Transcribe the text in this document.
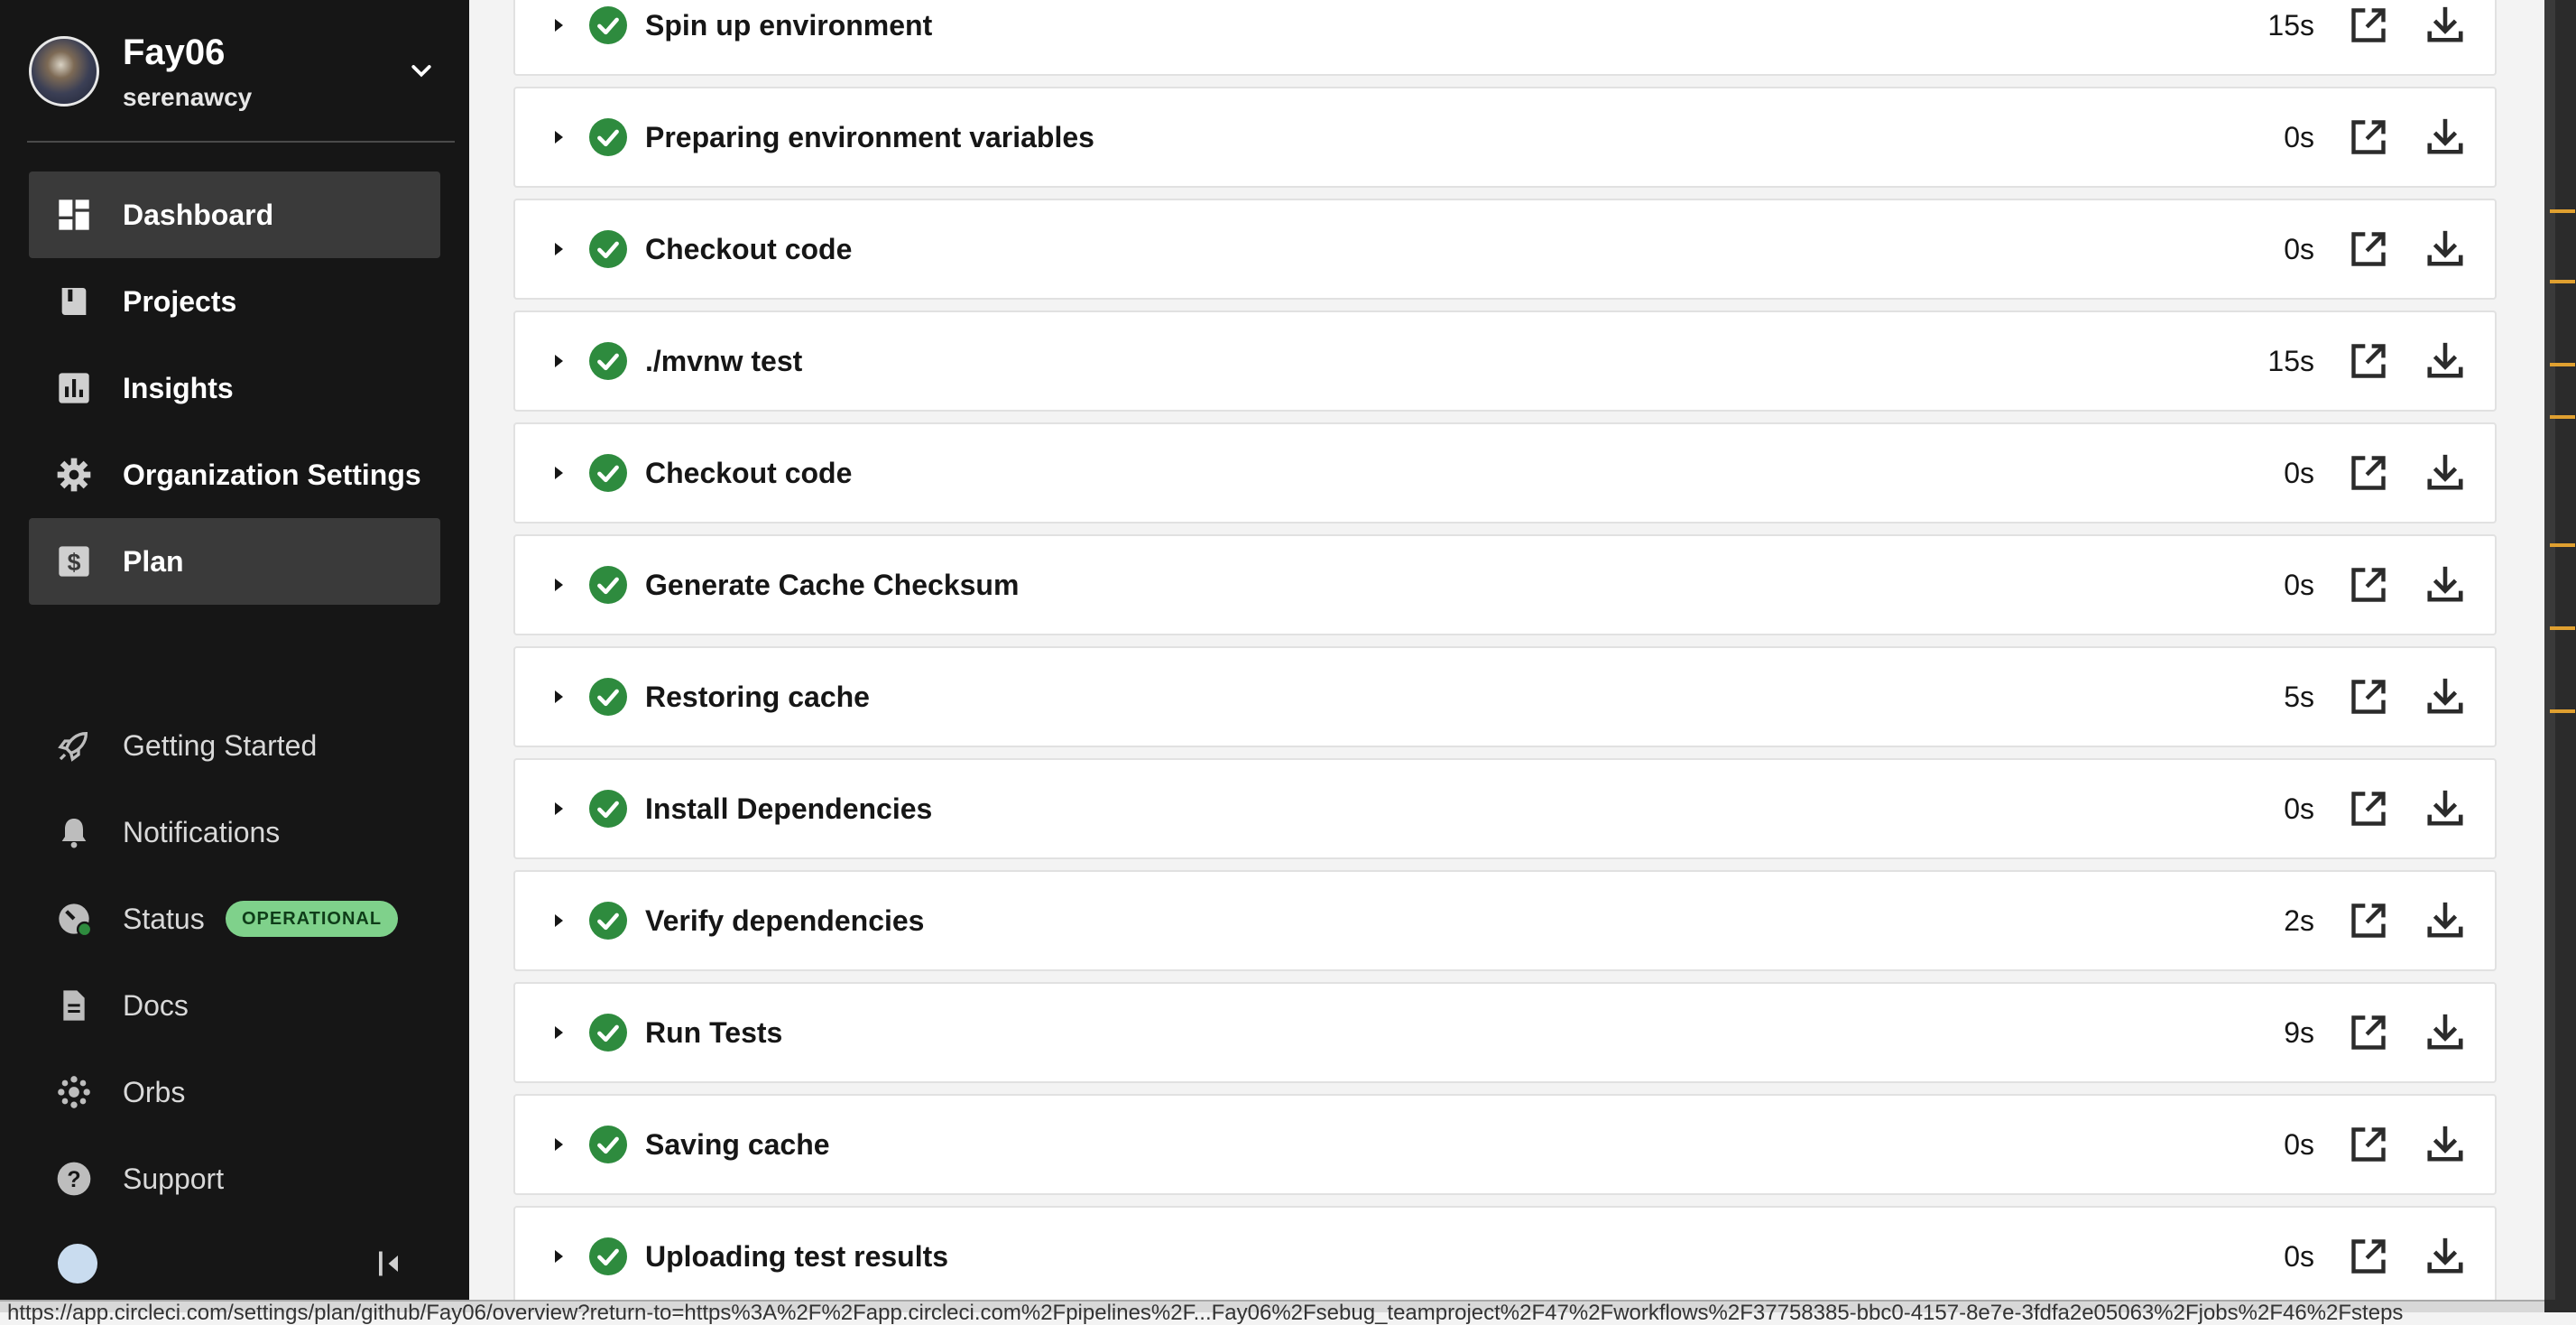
Fay06
serenawcy
Dashboard
Projects
Insights
Organization Settings
$ Plan
Getting Started
Notifications
Status	OPERATIONAL
Docs
Orbs
? Support
Spin up environment	15s
Preparing environment variables	0s
Checkout code	0s
./mvnw test	15s
Checkout code	0s
Generate Cache Checksum	0s
Restoring cache	5s
Install Dependencies	0s
Verify dependencies	2s
Run Tests	9s
Saving cache	0s
Uploading test results	0s
https://app.circleci.com/settings/plan/github/Fay06/overview?return-to=https%3A%2F%2Fapp.circleci.com%2Fpipelines%2F...Fay06%2Fsebug_teamproject%2F47%2Fworkflows%2F37758385-bbc0-4157-8e7e-3fdfa2e05063%2Fjobs%2F46%2Fsteps
